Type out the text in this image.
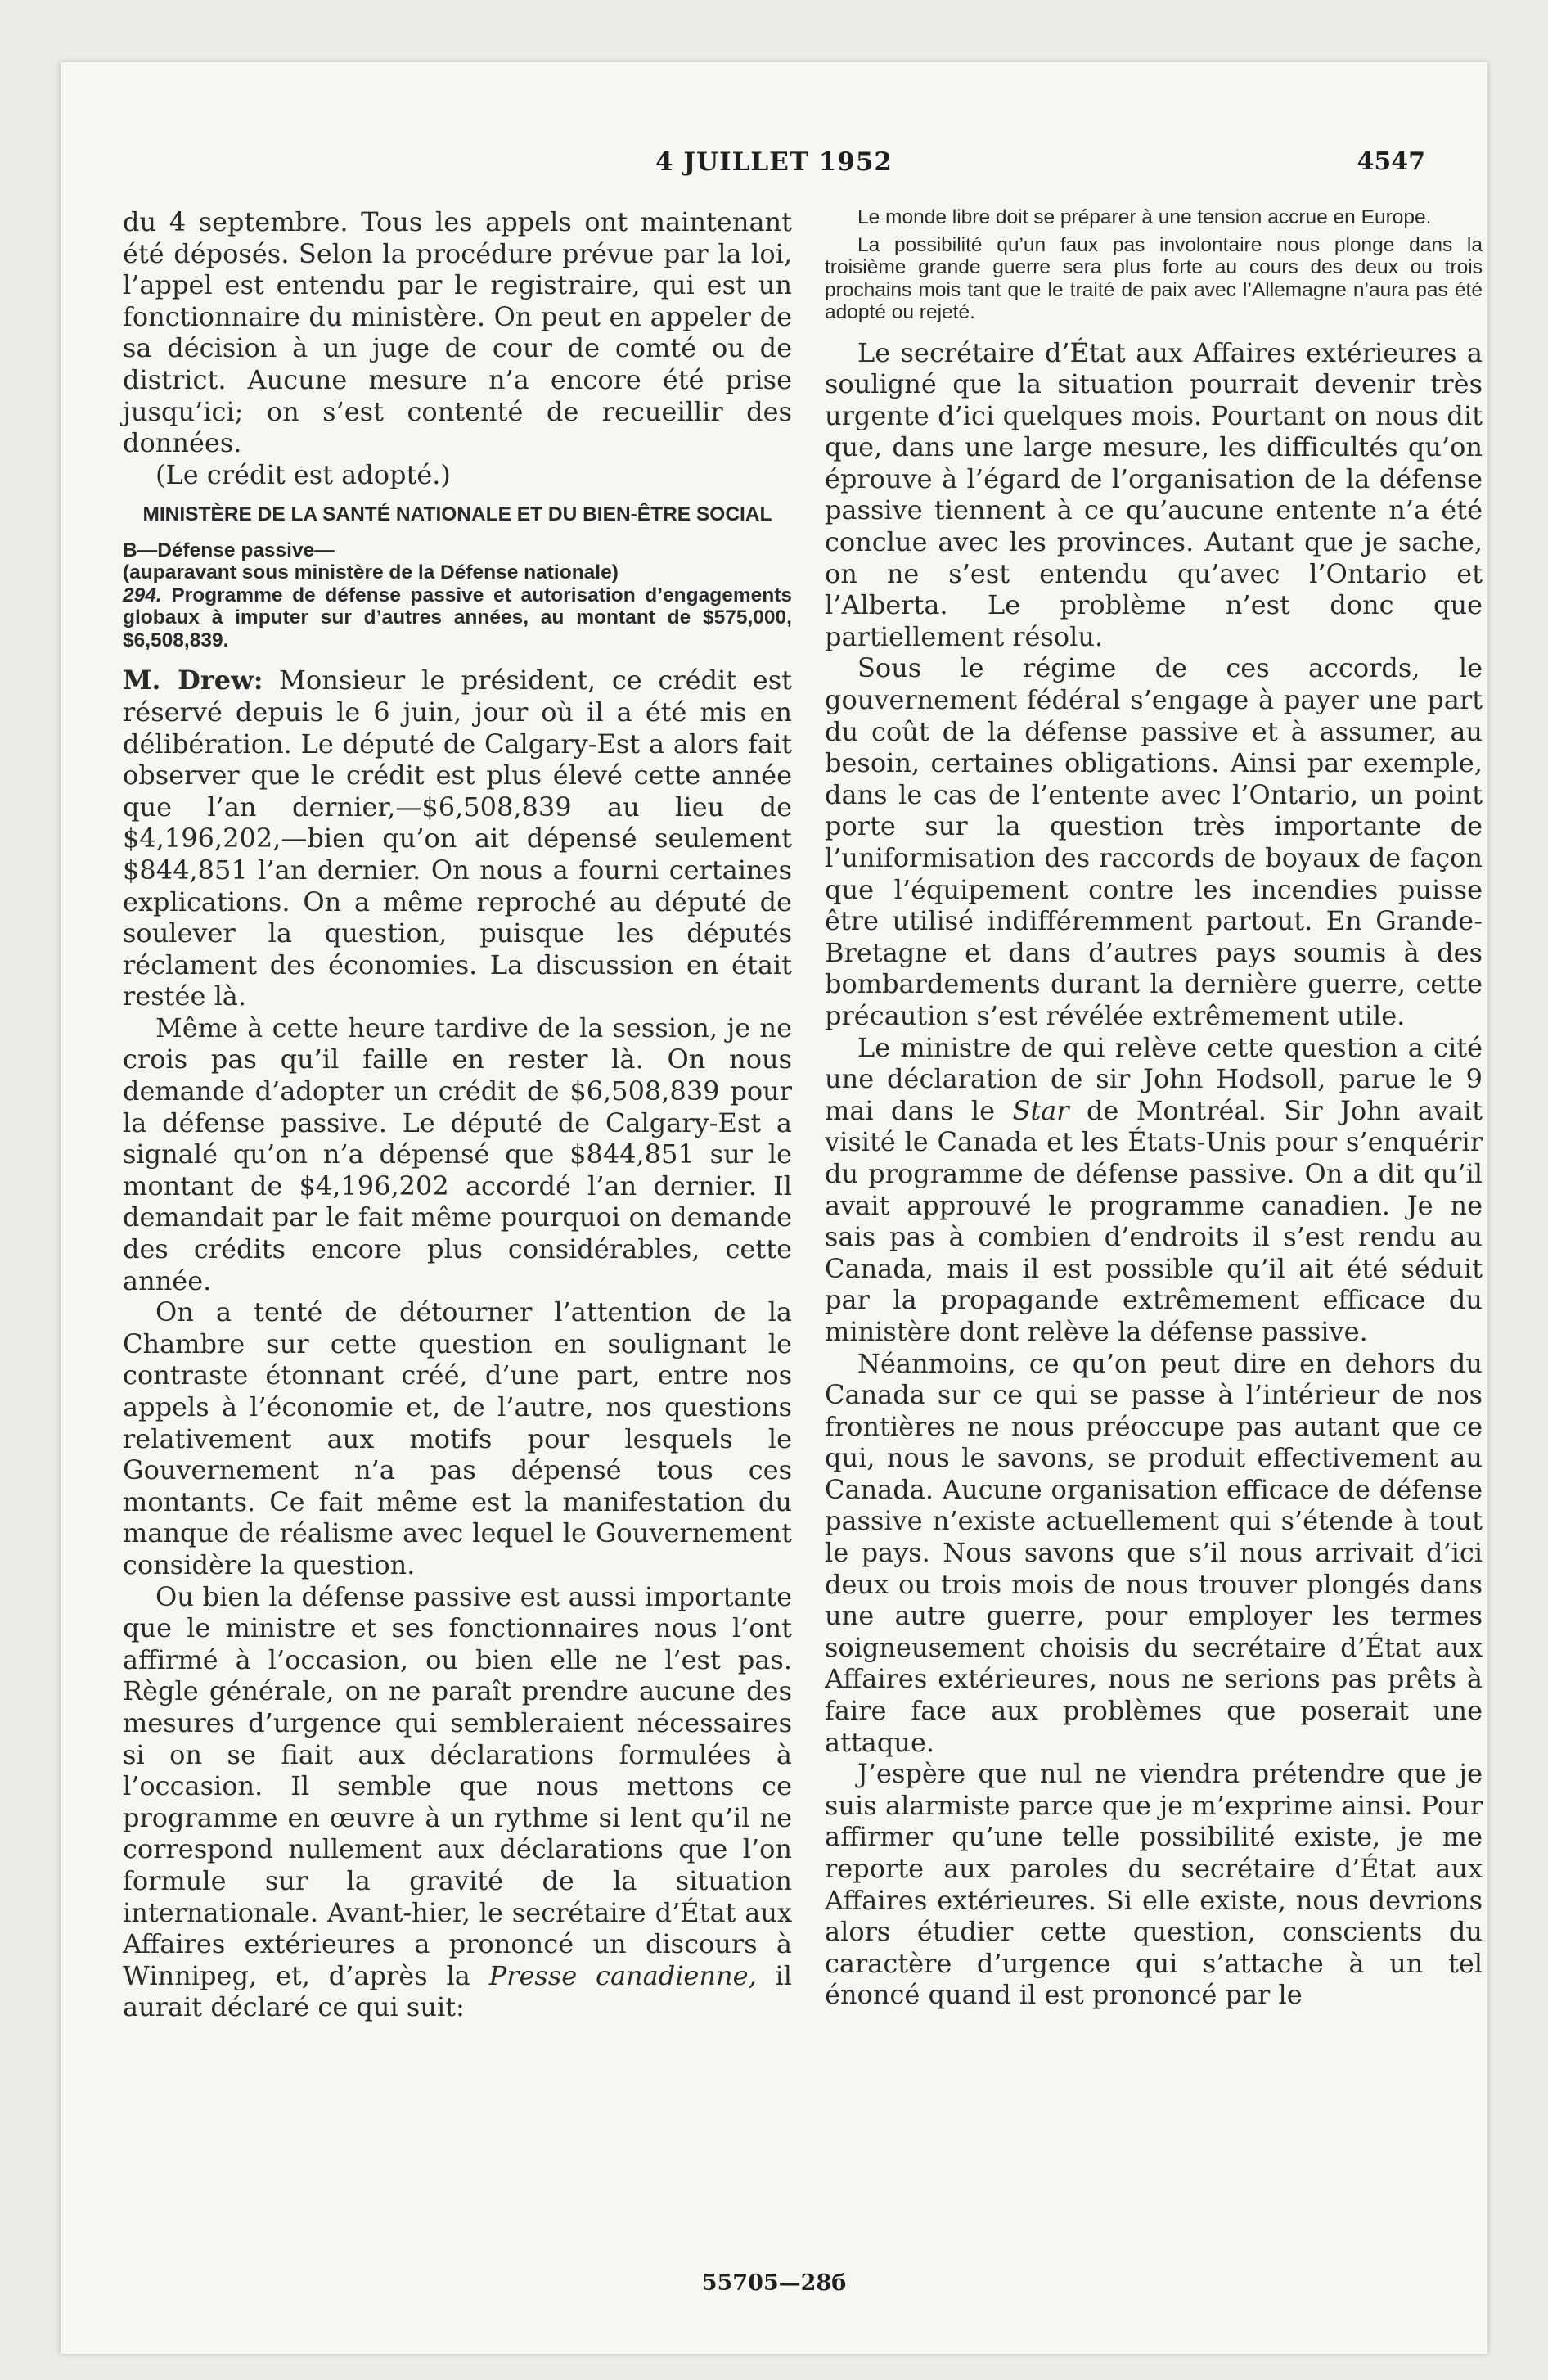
4 JUILLET 1952	4547

du 4 septembre. Tous les appels ont maintenant été déposés. Selon la procédure prévue par la loi, l’appel est entendu par le registraire, qui est un fonctionnaire du ministère. On peut en appeler de sa décision à un juge de cour de comté ou de district. Aucune mesure n’a encore été prise jusqu’ici; on s’est contenté de recueillir des données.

(Le crédit est adopté.)

MINISTÈRE DE LA SANTÉ NATIONALE ET DU BIEN-ÊTRE SOCIAL

B—Défense passive—

(auparavant sous ministère de la Défense nationale)

294. Programme de défense passive et autorisation d’engagements globaux à imputer sur d’autres années, au montant de $575,000, $6,508,839.

M. Drew: Monsieur le président, ce crédit est réservé depuis le 6 juin, jour où il a été mis en délibération. Le député de Calgary-Est a alors fait observer que le crédit est plus élevé cette année que l’an dernier,—$6,508,839 au lieu de $4,196,202,—bien qu’on ait dépensé seulement $844,851 l’an dernier. On nous a fourni certaines explications. On a même reproché au député de soulever la question, puisque les députés réclament des économies. La discussion en était restée là.

Même à cette heure tardive de la session, je ne crois pas qu’il faille en rester là. On nous demande d’adopter un crédit de $6,508,839 pour la défense passive. Le député de Calgary-Est a signalé qu’on n’a dépensé que $844,851 sur le montant de $4,196,202 accordé l’an dernier. Il demandait par le fait même pourquoi on demande des crédits encore plus considérables, cette année.

On a tenté de détourner l’attention de la Chambre sur cette question en soulignant le contraste étonnant créé, d’une part, entre nos appels à l’économie et, de l’autre, nos questions relativement aux motifs pour lesquels le Gouvernement n’a pas dépensé tous ces montants. Ce fait même est la manifestation du manque de réalisme avec lequel le Gouvernement considère la question.

Ou bien la défense passive est aussi importante que le ministre et ses fonctionnaires nous l’ont affirmé à l’occasion, ou bien elle ne l’est pas. Règle générale, on ne paraît prendre aucune des mesures d’urgence qui sembleraient nécessaires si on se fiait aux déclarations formulées à l’occasion. Il semble que nous mettons ce programme en œuvre à un rythme si lent qu’il ne correspond nullement aux déclarations que l’on formule sur la gravité de la situation internationale. Avant-hier, le secrétaire d’État aux Affaires extérieures a prononcé un discours à Winnipeg, et, d’après la Presse canadienne, il aurait déclaré ce qui suit:

Le monde libre doit se préparer à une tension accrue en Europe.

La possibilité qu’un faux pas involontaire nous plonge dans la troisième grande guerre sera plus forte au cours des deux ou trois prochains mois tant que le traité de paix avec l’Allemagne n’aura pas été adopté ou rejeté.

Le secrétaire d’État aux Affaires extérieures a souligné que la situation pourrait devenir très urgente d’ici quelques mois. Pourtant on nous dit que, dans une large mesure, les difficultés qu’on éprouve à l’égard de l’organisation de la défense passive tiennent à ce qu’aucune entente n’a été conclue avec les provinces. Autant que je sache, on ne s’est entendu qu’avec l’Ontario et l’Alberta. Le problème n’est donc que partiellement résolu.

Sous le régime de ces accords, le gouvernement fédéral s’engage à payer une part du coût de la défense passive et à assumer, au besoin, certaines obligations. Ainsi par exemple, dans le cas de l’entente avec l’Ontario, un point porte sur la question très importante de l’uniformisation des raccords de boyaux de façon que l’équipement contre les incendies puisse être utilisé indifféremment partout. En Grande-Bretagne et dans d’autres pays soumis à des bombardements durant la dernière guerre, cette précaution s’est révélée extrêmement utile.

Le ministre de qui relève cette question a cité une déclaration de sir John Hodsoll, parue le 9 mai dans le Star de Montréal. Sir John avait visité le Canada et les États-Unis pour s’enquérir du programme de défense passive. On a dit qu’il avait approuvé le programme canadien. Je ne sais pas à combien d’endroits il s’est rendu au Canada, mais il est possible qu’il ait été séduit par la propagande extrêmement efficace du ministère dont relève la défense passive.

Néanmoins, ce qu’on peut dire en dehors du Canada sur ce qui se passe à l’intérieur de nos frontières ne nous préoccupe pas autant que ce qui, nous le savons, se produit effectivement au Canada. Aucune organisation efficace de défense passive n’existe actuellement qui s’étende à tout le pays. Nous savons que s’il nous arrivait d’ici deux ou trois mois de nous trouver plongés dans une autre guerre, pour employer les termes soigneusement choisis du secrétaire d’État aux Affaires extérieures, nous ne serions pas prêts à faire face aux problèmes que poserait une attaque.

J’espère que nul ne viendra prétendre que je suis alarmiste parce que je m’exprime ainsi. Pour affirmer qu’une telle possibilité existe, je me reporte aux paroles du secrétaire d’État aux Affaires extérieures. Si elle existe, nous devrions alors étudier cette question, conscients du caractère d’urgence qui s’attache à un tel énoncé quand il est prononcé par le

55705—28б
